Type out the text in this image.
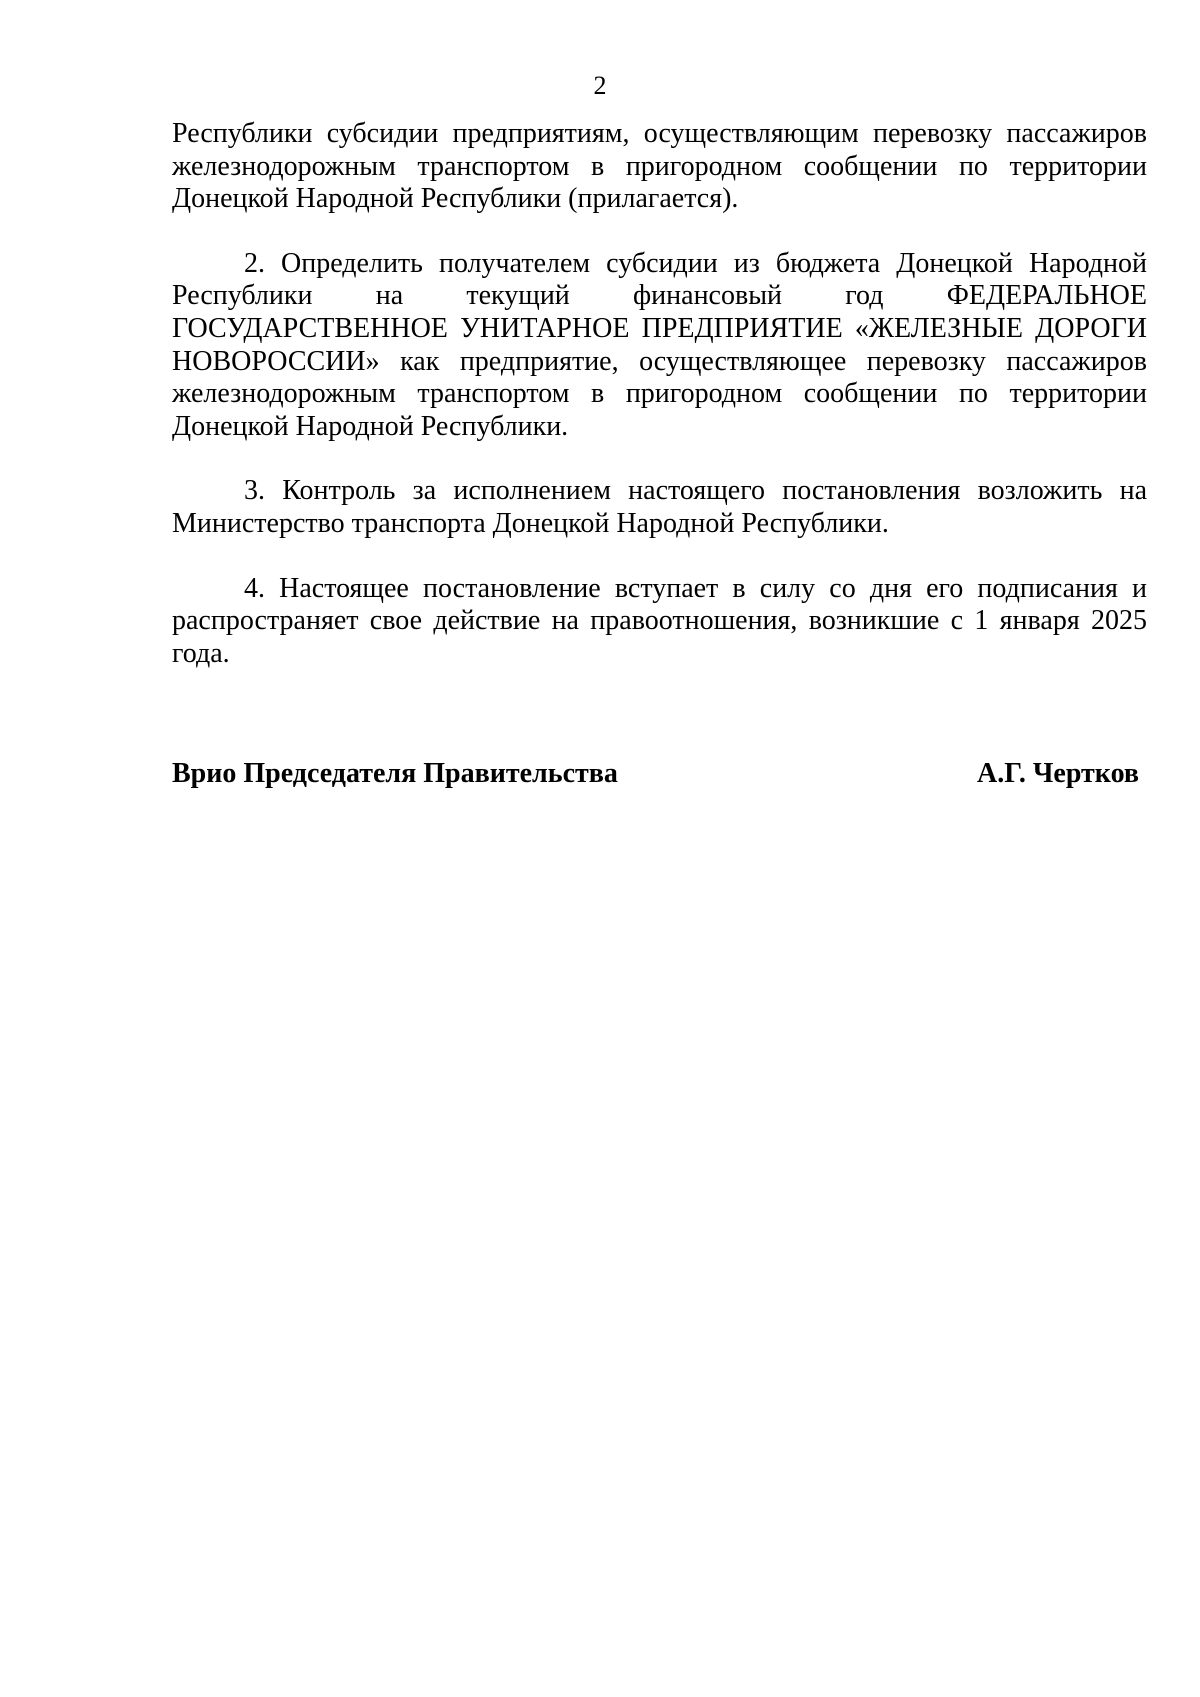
2

Республики субсидии предприятиям, осуществляющим перевозку пассажиров железнодорожным транспортом в пригородном сообщении по территории Донецкой Народной Республики (прилагается).

2. Определить получателем субсидии из бюджета Донецкой Народной Республики на текущий финансовый год ФЕДЕРАЛЬНОЕ ГОСУДАРСТВЕННОЕ УНИТАРНОЕ ПРЕДПРИЯТИЕ «ЖЕЛЕЗНЫЕ ДОРОГИ НОВОРОССИИ» как предприятие, осуществляющее перевозку пассажиров железнодорожным транспортом в пригородном сообщении по территории Донецкой Народной Республики.

3. Контроль за исполнением настоящего постановления возложить на Министерство транспорта Донецкой Народной Республики.

4. Настоящее постановление вступает в силу со дня его подписания и распространяет свое действие на правоотношения, возникшие с 1 января 2025 года.

Врио Председателя Правительства	А.Г. Чертков
